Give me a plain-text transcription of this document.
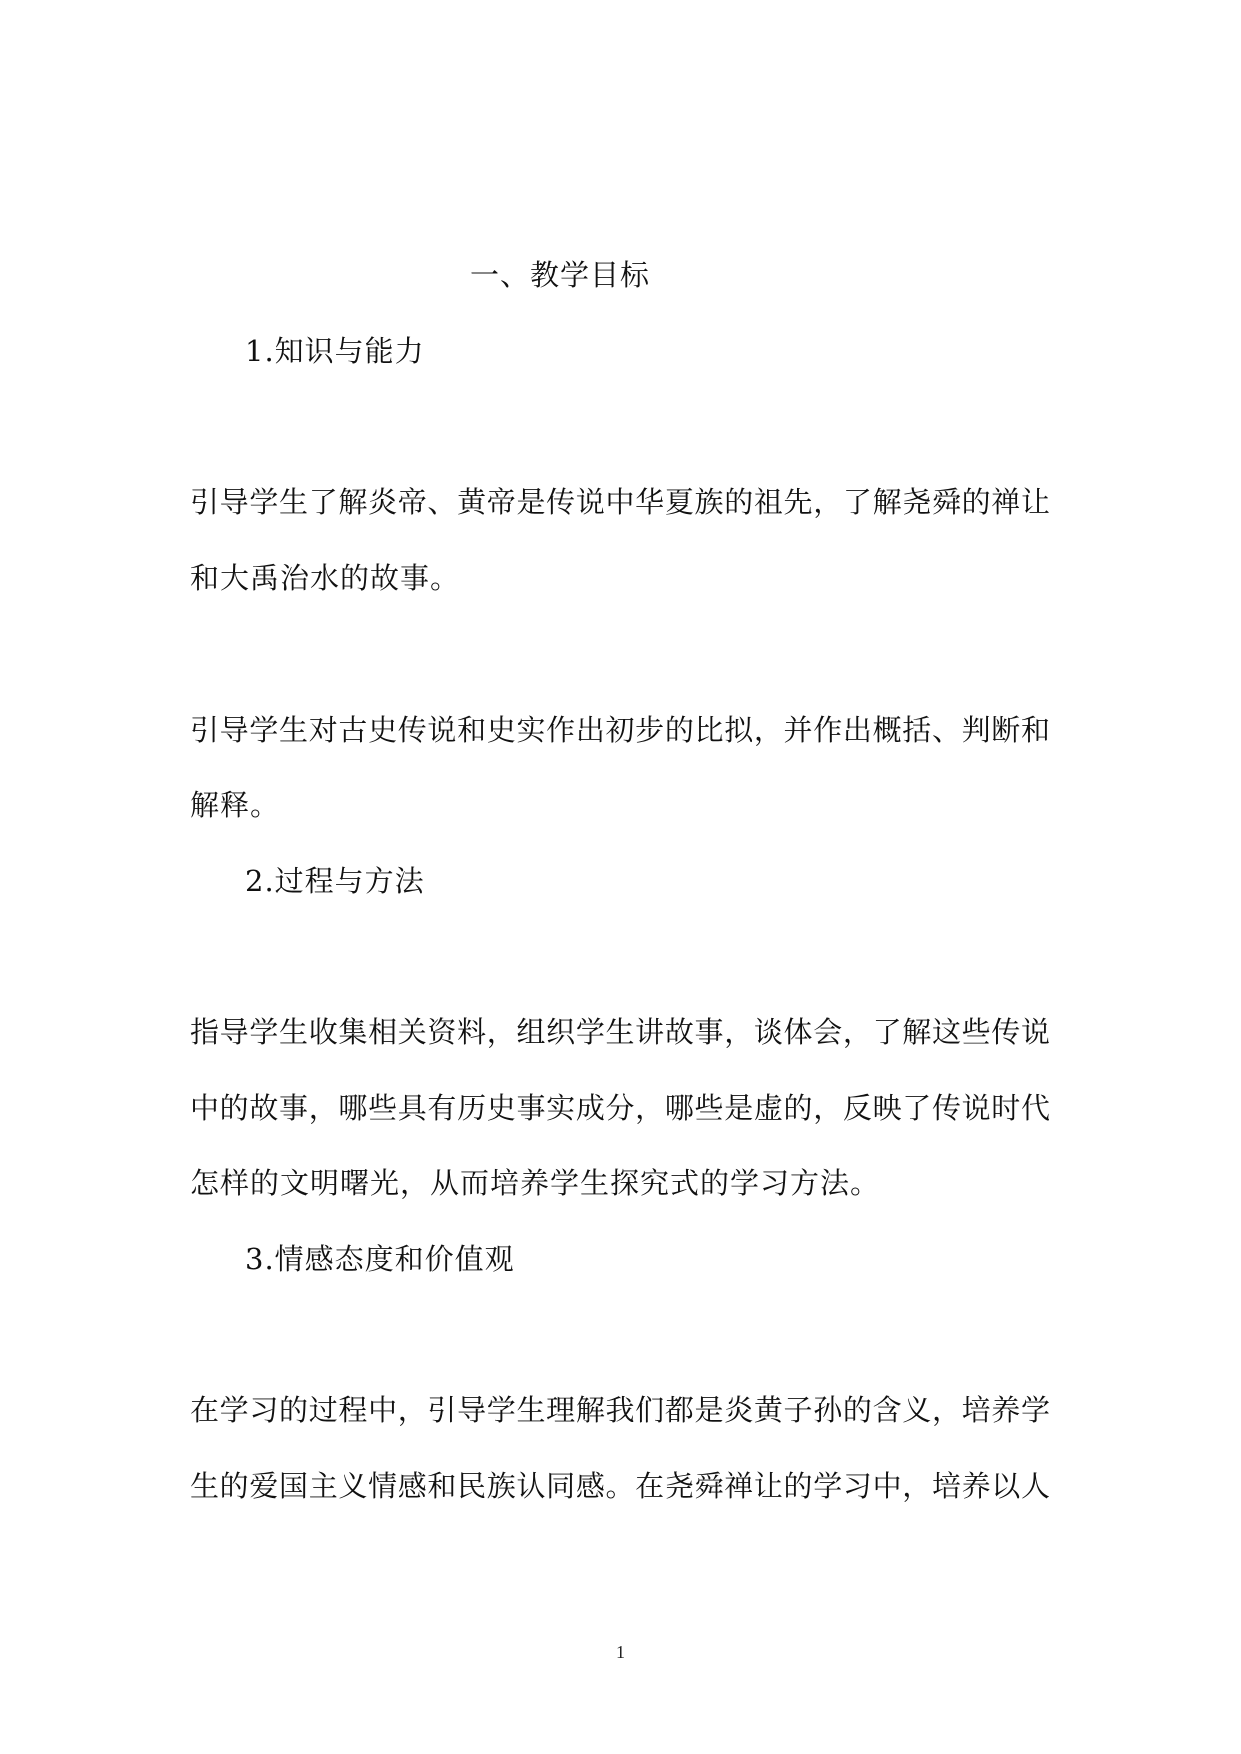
一、教学目标
1.知识与能力
引导学生了解炎帝、黄帝是传说中华夏族的祖先，了解尧舜的禅让
和大禹治水的故事。
引导学生对古史传说和史实作出初步的比拟，并作出概括、判断和
解释。
2.过程与方法
指导学生收集相关资料，组织学生讲故事，谈体会，了解这些传说
中的故事，哪些具有历史事实成分，哪些是虚的，反映了传说时代
怎样的文明曙光，从而培养学生探究式的学习方法。
3.情感态度和价值观
在学习的过程中，引导学生理解我们都是炎黄子孙的含义，培养学
生的爱国主义情感和民族认同感。在尧舜禅让的学习中，培养以人
1
